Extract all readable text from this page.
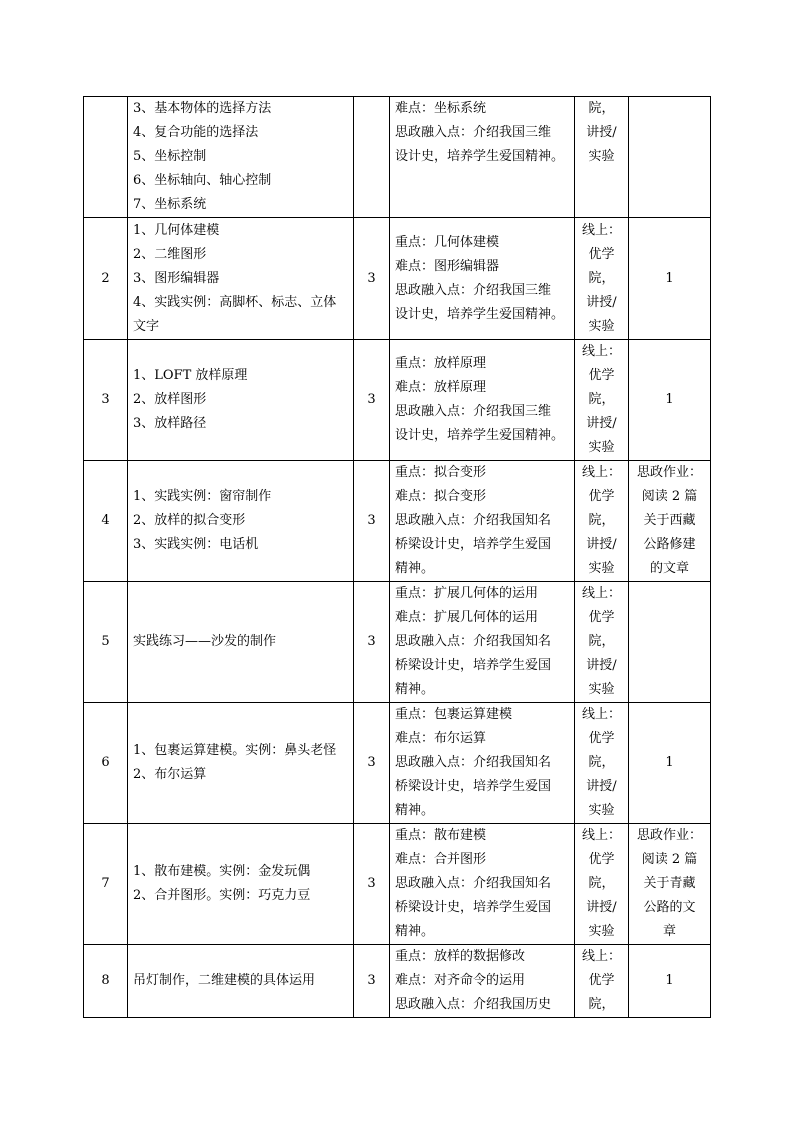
	3、基本物体的选择方法
4、复合功能的选择法
5、坐标控制
6、坐标轴向、轴心控制
7、坐标系统		难点：坐标系统
思政融入点：介绍我国三维
设计史，培养学生爱国精神。	院，
讲授/
实验	

2	1、几何体建模
2、二维图形
3、图形编辑器
4、实践实例：高脚杯、标志、立体
文字	3	重点：几何体建模
难点：图形编辑器
思政融入点：介绍我国三维
设计史，培养学生爱国精神。	线上：
优学
院，
讲授/
实验	1

3	1、LOFT 放样原理
2、放样图形
3、放样路径	3	重点：放样原理
难点：放样原理
思政融入点：介绍我国三维
设计史，培养学生爱国精神。	线上：
优学
院，
讲授/
实验	1

4	1、实践实例：窗帘制作
2、放样的拟合变形
3、实践实例：电话机	3	重点：拟合变形
难点：拟合变形
思政融入点：介绍我国知名
桥梁设计史，培养学生爱国
精神。	线上：
优学
院，
讲授/
实验	思政作业：
阅读 2 篇
关于西藏
公路修建
的文章

5	实践练习——沙发的制作	3	重点：扩展几何体的运用
难点：扩展几何体的运用
思政融入点：介绍我国知名
桥梁设计史，培养学生爱国
精神。	线上：
优学
院，
讲授/
实验	

6	1、包裹运算建模。实例：鼻头老怪
2、布尔运算	3	重点：包裹运算建模
难点：布尔运算
思政融入点：介绍我国知名
桥梁设计史，培养学生爱国
精神。	线上：
优学
院，
讲授/
实验	1

7	1、散布建模。实例：金发玩偶
2、合并图形。实例：巧克力豆	3	重点：散布建模
难点：合并图形
思政融入点：介绍我国知名
桥梁设计史，培养学生爱国
精神。	线上：
优学
院，
讲授/
实验	思政作业：
阅读 2 篇
关于青藏
公路的文
章

8	吊灯制作，二维建模的具体运用	3	重点：放样的数据修改
难点：对齐命令的运用
思政融入点：介绍我国历史	线上：
优学
院，	1
